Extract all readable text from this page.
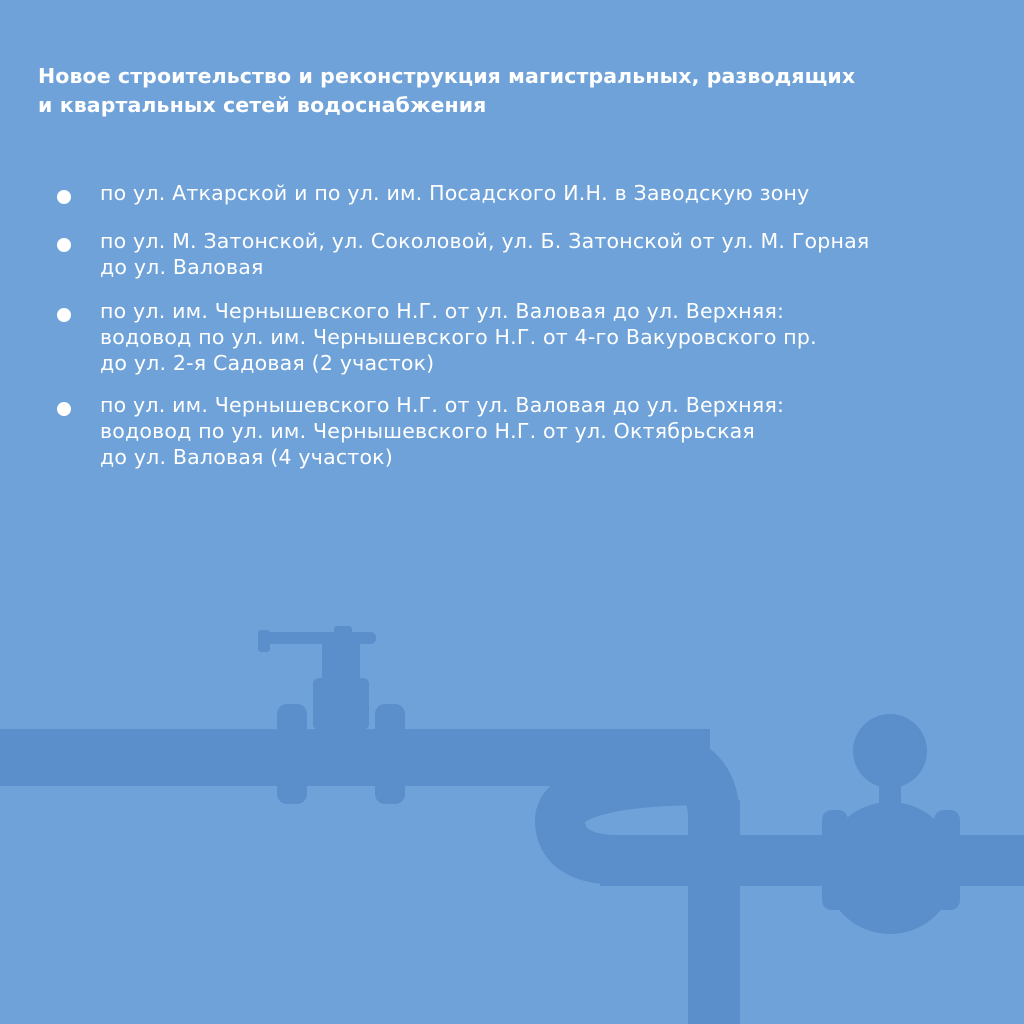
Новое строительство и реконструкция магистральных, разводящих
и квартальных сетей водоснабжения
по ул. Аткарской и по ул. им. Посадского И.Н. в Заводскую зону
по ул. М. Затонской, ул. Соколовой, ул. Б. Затонской от ул. М. Горная
до ул. Валовая
по ул. им. Чернышевского Н.Г. от ул. Валовая до ул. Верхняя:
водовод по ул. им. Чернышевского Н.Г. от 4-го Вакуровского пр.
до ул. 2-я Садовая (2 участок)
по ул. им. Чернышевского Н.Г. от ул. Валовая до ул. Верхняя:
водовод по ул. им. Чернышевского Н.Г. от ул. Октябрьская
до ул. Валовая (4 участок)
